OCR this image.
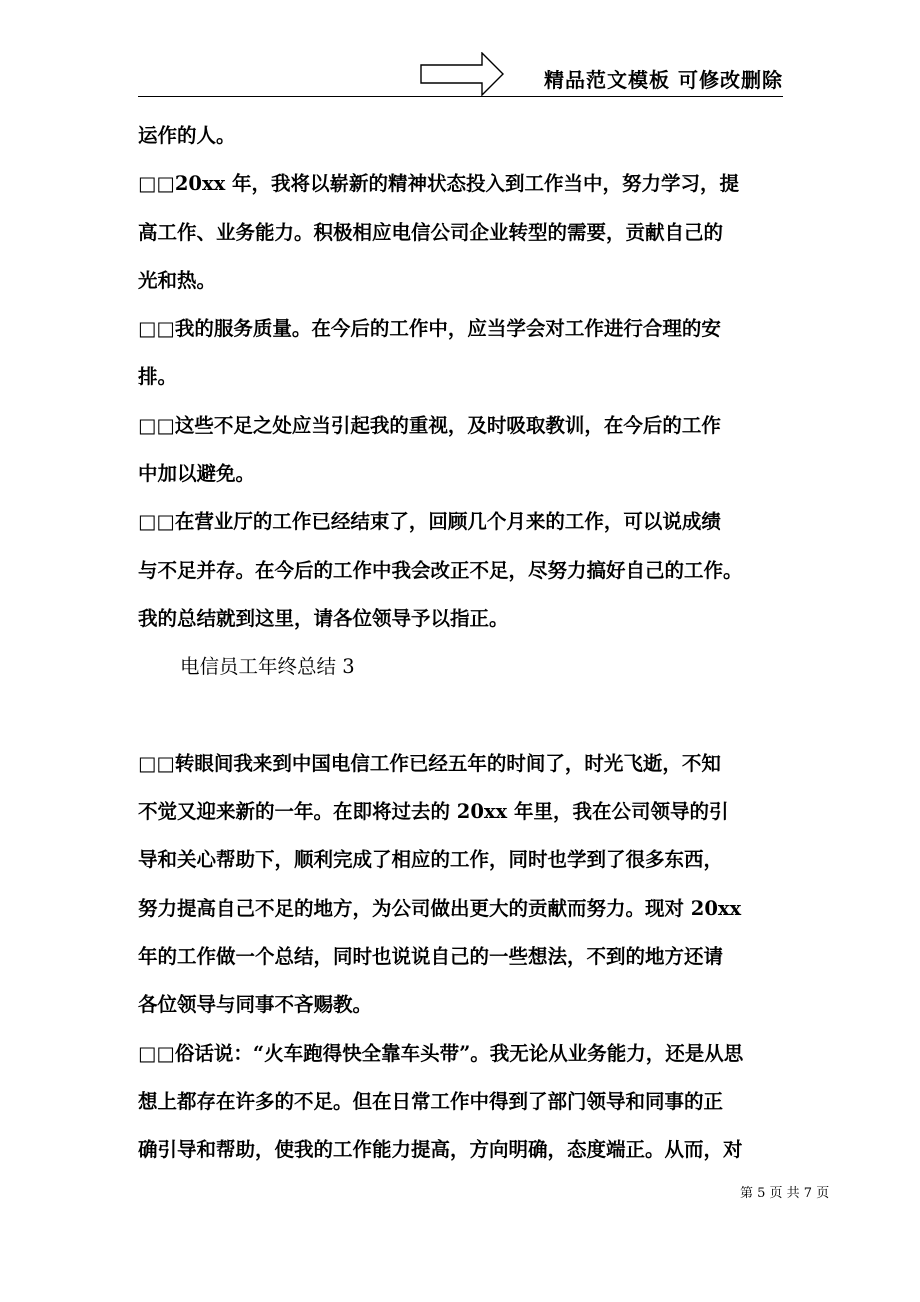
精品范文模板 可修改删除
运作的人。
□□20xx 年，我将以崭新的精神状态投入到工作当中，努力学习，提
高工作、业务能力。积极相应电信公司企业转型的需要，贡献自己的
光和热。
□□我的服务质量。在今后的工作中，应当学会对工作进行合理的安
排。
□□这些不足之处应当引起我的重视，及时吸取教训，在今后的工作
中加以避免。
□□在营业厅的工作已经结束了，回顾几个月来的工作，可以说成绩
与不足并存。在今后的工作中我会改正不足，尽努力搞好自己的工作。
我的总结就到这里，请各位领导予以指正。
电信员工年终总结 3
□□转眼间我来到中国电信工作已经五年的时间了，时光飞逝，不知
不觉又迎来新的一年。在即将过去的 20xx 年里，我在公司领导的引
导和关心帮助下，顺利完成了相应的工作，同时也学到了很多东西，
努力提高自己不足的地方，为公司做出更大的贡献而努力。现对 20xx
年的工作做一个总结，同时也说说自己的一些想法，不到的地方还请
各位领导与同事不吝赐教。
□□俗话说：“火车跑得快全靠车头带”。我无论从业务能力，还是从思
想上都存在许多的不足。但在日常工作中得到了部门领导和同事的正
确引导和帮助，使我的工作能力提高，方向明确，态度端正。从而，对
第 5 页 共 7 页
